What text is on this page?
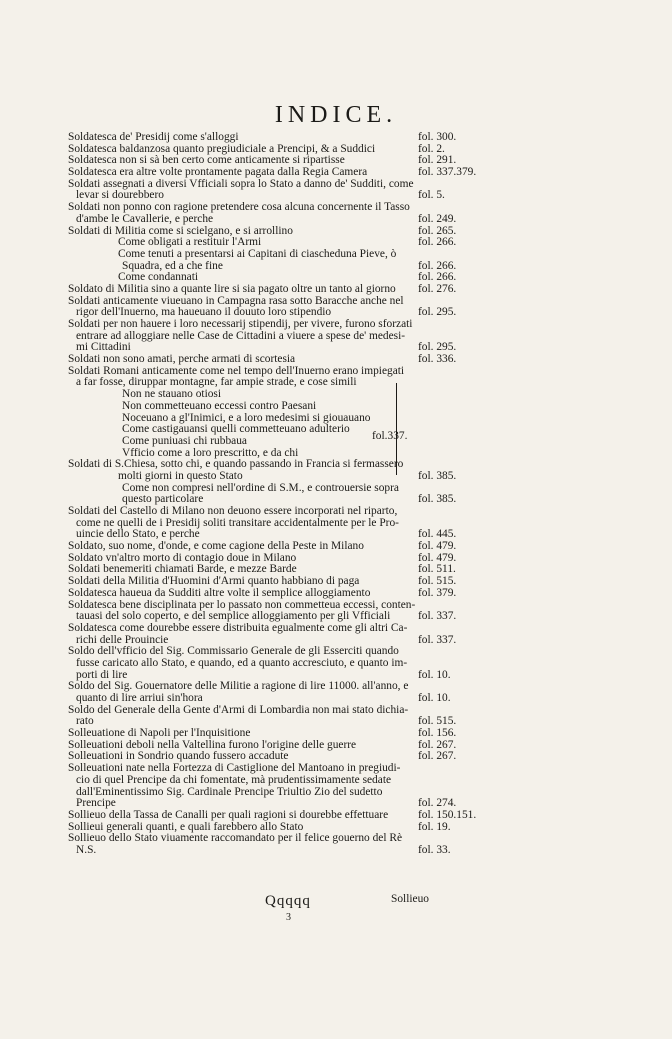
INDICE.
Soldatesca de' Presidij come s'alloggi	fol. 300.
Soldatesca baldanzosa quanto pregiudiciale a Prencipi, & a Suddici	fol. 2.
Soldatesca non si sà ben certo come anticamente si ripartisse	fol. 291.
Soldatesca era altre volte prontamente pagata dalla Regia Camera	fol. 337.379.
Soldati assegnati a diversi Vfficiali sopra lo Stato a danno de' Sudditi, come
levar si dourebbero	fol. 5.
Soldati non ponno con ragione pretendere cosa alcuna concernente il Tasso
d'ambe le Cavallerie, e perche	fol. 249.
Soldati di Militia come si scielgano, e si arrollino	fol. 265.
Come obligati a restituir l'Armi	fol. 266.
Come tenuti a presentarsi ai Capitani di ciascheduna Pieve, ò
Squadra, ed a che fine	fol. 266.
Come condannati	fol. 266.
Soldato di Militia sino a quante lire si sia pagato oltre un tanto al giorno fol. 276.
Soldati anticamente viueuano in Campagna rasa sotto Baracche anche nel
rigor dell'Inuerno, ma haueuano il douuto loro stipendio	fol. 295.
Soldati per non hauere i loro necessarij stipendij, per vivere, furono sforzati
entrare ad alloggiare nelle Case de Cittadini a viuere a spese de' medesi-
mi Cittadini	fol. 295.
Soldati non sono amati, perche armati di scortesia	fol. 336.
Soldati Romani anticamente come nel tempo dell'Inuerno erano impiegati
a far fosse, diruppar montagne, far ampie strade, e cose simili
Non ne stauano otiosi
Non commetteuano eccessi contro Paesani
Noceuano a gl'Inimici, e a loro medesimi si giouauano
Come castigauansi quelli commetteuano adulterio
Come puniuasi chi rubbaua
Vfficio come a loro prescritto, e da chi
Soldati di S.Chiesa, sotto chi, e quando passando in Francia si fermassero
molti giorni in questo Stato	fol. 385.
Come non compresi nell'ordine di S.M., e controuersie sopra
questo particolare	fol. 385.
Soldati del Castello di Milano non deuono essere incorporati nel riparto,
come ne quelli de i Presidij soliti transitare accidentalmente per le Pro-
uincie dello Stato, e perche	fol. 445.
Soldato, suo nome, d'onde, e come cagione della Peste in Milano	fol. 479.
Soldato vn'altro morto di contagio doue in Milano	fol. 479.
Soldati benemeriti chiamati Barde, e mezze Barde	fol. 511.
Soldati della Militia d'Huomini d'Armi quanto habbiano di paga	fol. 515.
Soldatesca haueua da Sudditi altre volte il semplice alloggiamento	fol. 379.
Soldatesca bene disciplinata per lo passato non commetteua eccessi, conten-
tauasi del solo coperto, e del semplice alloggiamento per gli Vfficiali fol. 337.
Soldatesca come dourebbe essere distribuita egualmente come gli altri Ca-
richi delle Prouincie	fol. 337.
Soldo dell'vfficio del Sig. Commissario Generale de gli Esserciti quando
fusse caricato allo Stato, e quando, ed a quanto accresciuto, e quanto im-
porti di lire	fol. 10.
Soldo del Sig. Gouernatore delle Militie a ragione di lire 11000. all'anno, e
quanto di lire arriui sin'hora	fol. 10.
Soldo del Generale della Gente d'Armi di Lombardia non mai stato dichia-
rato	fol. 515.
Solleuatione di Napoli per l'Inquisitione	fol. 156.
Solleuationi deboli nella Valtellina furono l'origine delle guerre	fol. 267.
Solleuationi in Sondrio quando fussero accadute	fol. 267.
Solleuationi nate nella Fortezza di Castiglione del Mantoano in pregiudi-
cio di quel Prencipe da chi fomentate, mà prudentissimamente sedate
dall'Eminentissimo Sig. Cardinale Prencipe Triultio Zio del sudetto
Prencipe	fol. 274.
Sollieuo della Tassa de Canalli per quali ragioni si dourebbe effettuare	fol. 150.151.
Sollieui generali quanti, e quali farebbero allo Stato	fol. 19.
Sollieuo dello Stato viuamente raccomandato per il felice gouerno del Rè
N.S.	fol. 33.
fol.337.
Qqqqq
3
Sollieuo
